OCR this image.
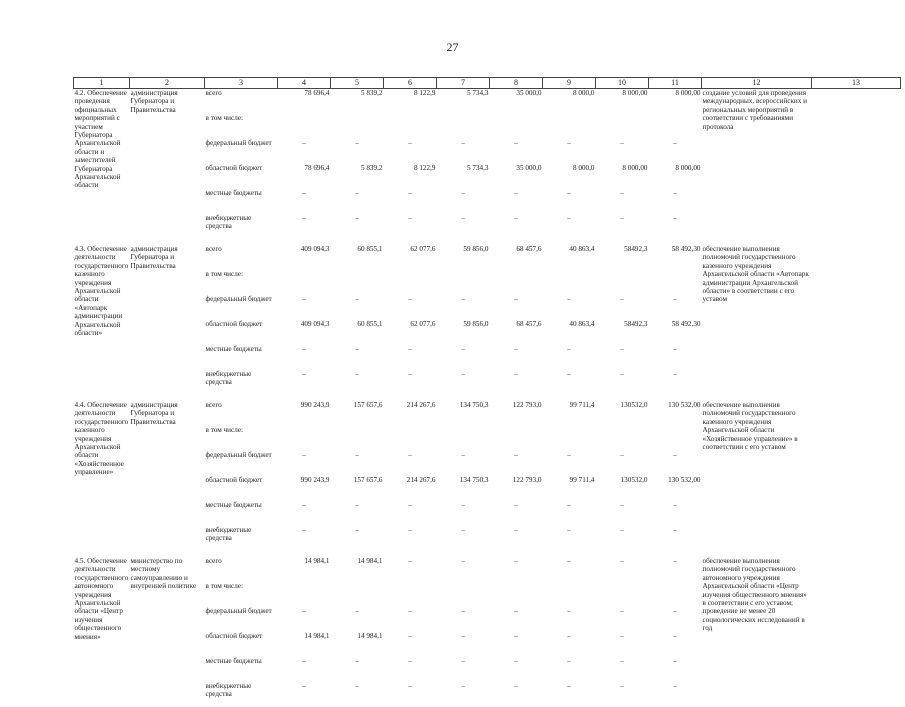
27
1	2	3	4	5	6	7	8	9	10	11	12	13
4.2. Обеспечение проведения официальных мероприятий с участием Губернатора Архангельской области и заместителей Губернатора Архангельской области	администрация Губернатора и Правительства	всего	78 696,4	5 839,2	8 122,9	5 734,3	35 000,0	8 000,0	8 000,00	8 000,00	создание условий для проведения международных, всероссийских и региональных мероприятий в соответствии с требованиями протокола	
		в том числе:										
		федеральный бюджет	–	–	–	–	–	–	–	–		
		областной бюджет	78 696,4	5 839,2	8 122,9	5 734,3	35 000,0	8 000,0	8 000,00	8 000,00		
		местные бюджеты	–	–	–	–	–	–	–	–		
		внебюджетные средства	–	–	–	–	–	–	–	–		

4.3. Обеспечение деятельности государственного казенного учреждения Архангельской области «Автопарк администрации Архангельской области»	администрация Губернатора и Правительства	всего	409 094,3	60 855,1	62 077,6	59 856,0	68 457,6	40 863,4	58492,3	58 492,30	обеспечение выполнения полномочий государственного казенного учреждения Архангельской области «Автопарк администрации Архангельской области» в соответствии с его уставом	
		в том числе:										
		федеральный бюджет	–	–	–	–	–	–	–	–		
		областной бюджет	409 094,3	60 855,1	62 077,6	59 856,0	68 457,6	40 863,4	58492,3	58 492,30		
		местные бюджеты	–	–	–	–	–	–	–	–		
		внебюджетные средства	–	–	–	–	–	–	–	–		

4.4. Обеспечение деятельности государственного казенного учреждения Архангельской области «Хозяйственное управление»	администрация Губернатора и Правительства	всего	990 243,9	157 657,6	214 267,6	134 750,3	122 793,0	99 711,4	130532,0	130 532,00	обеспечение выполнения полномочий государственного казенного учреждения Архангельской области «Хозяйственное управление» в соответствии с его уставом	
		в том числе:										
		федеральный бюджет	–	–	–	–	–	–	–	–		
		областной бюджет	990 243,9	157 657,6	214 267,6	134 750,3	122 793,0	99 711,4	130532,0	130 532,00		
		местные бюджеты	–	–	–	–	–	–	–	–		
		внебюджетные средства	–	–	–	–	–	–	–	–		

4.5. Обеспечение деятельности государственного автономного учреждения Архангельской области «Центр изучения общественного мнения»	министерство по местному самоуправлению и внутренней политике	всего	14 984,1	14 984,1	–	–	–	–	–	–	обеспечение выполнения полномочий государственного автономного учреждения Архангельской области «Центр изучения общественного мнения» в соответствии с его уставом; проведение не менее 20 социологических исследований в год	
		в том числе:										
		федеральный бюджет	–	–	–	–	–	–	–	–		
		областной бюджет	14 984,1	14 984,1	–	–	–	–	–	–		
		местные бюджеты	–	–	–	–	–	–	–	–		
		внебюджетные средства	–	–	–	–	–	–	–	–		
